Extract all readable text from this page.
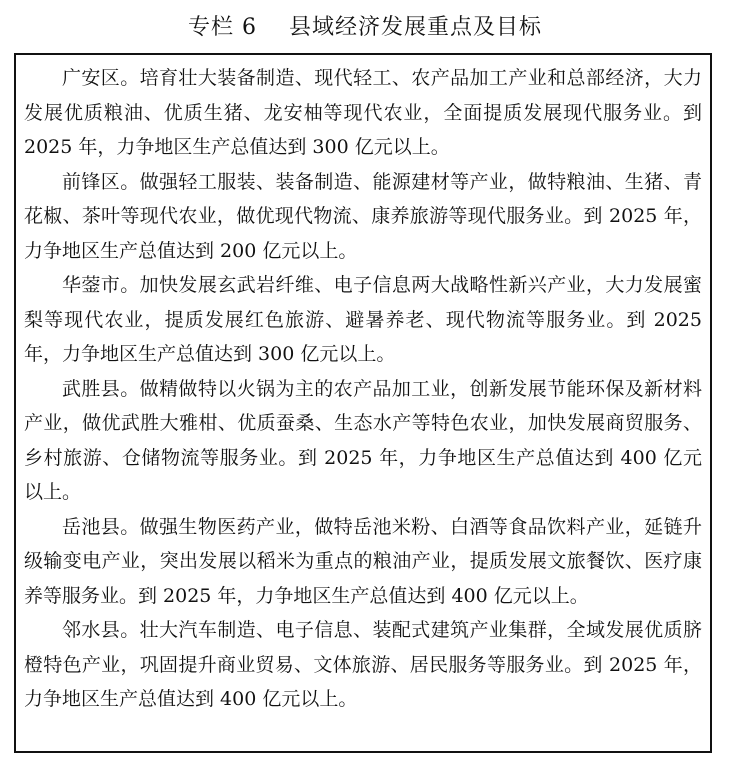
专栏 6    县域经济发展重点及目标

广安区。培育壮大装备制造、现代轻工、农产品加工产业和总部经济，大力发展优质粮油、优质生猪、龙安柚等现代农业，全面提质发展现代服务业。到 2025 年，力争地区生产总值达到 300 亿元以上。

前锋区。做强轻工服装、装备制造、能源建材等产业，做特粮油、生猪、青花椒、茶叶等现代农业，做优现代物流、康养旅游等现代服务业。到 2025 年，力争地区生产总值达到 200 亿元以上。

华蓥市。加快发展玄武岩纤维、电子信息两大战略性新兴产业，大力发展蜜梨等现代农业，提质发展红色旅游、避暑养老、现代物流等服务业。到 2025 年，力争地区生产总值达到 300 亿元以上。

武胜县。做精做特以火锅为主的农产品加工业，创新发展节能环保及新材料产业，做优武胜大雅柑、优质蚕桑、生态水产等特色农业，加快发展商贸服务、乡村旅游、仓储物流等服务业。到 2025 年，力争地区生产总值达到 400 亿元以上。

岳池县。做强生物医药产业，做特岳池米粉、白酒等食品饮料产业，延链升级输变电产业，突出发展以稻米为重点的粮油产业，提质发展文旅餐饮、医疗康养等服务业。到 2025 年，力争地区生产总值达到 400 亿元以上。

邻水县。壮大汽车制造、电子信息、装配式建筑产业集群，全域发展优质脐橙特色产业，巩固提升商业贸易、文体旅游、居民服务等服务业。到 2025 年，力争地区生产总值达到 400 亿元以上。
